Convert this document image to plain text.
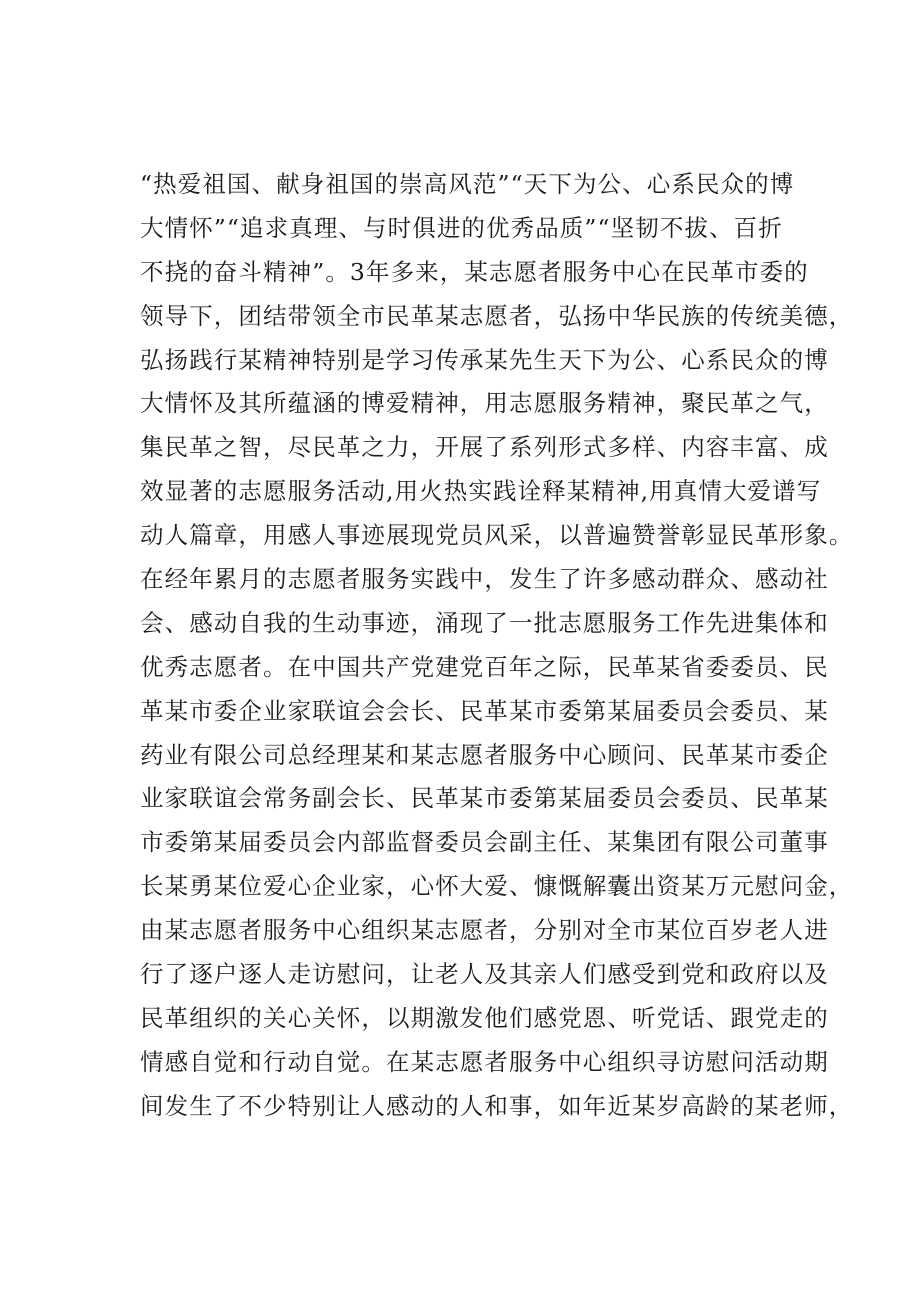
“热爱祖国、献身祖国的崇高风范”“天下为公、心系民众的博
大情怀”“追求真理、与时俱进的优秀品质”“坚韧不拔、百折
不挠的奋斗精神”。3年多来，某志愿者服务中心在民革市委的
领导下，团结带领全市民革某志愿者，弘扬中华民族的传统美德，
弘扬践行某精神特别是学习传承某先生天下为公、心系民众的博
大情怀及其所蕴涵的博爱精神，用志愿服务精神，聚民革之气，
集民革之智，尽民革之力，开展了系列形式多样、内容丰富、成
效显著的志愿服务活动,用火热实践诠释某精神,用真情大爱谱写
动人篇章，用感人事迹展现党员风采，以普遍赞誉彰显民革形象。
在经年累月的志愿者服务实践中，发生了许多感动群众、感动社
会、感动自我的生动事迹，涌现了一批志愿服务工作先进集体和
优秀志愿者。在中国共产党建党百年之际，民革某省委委员、民
革某市委企业家联谊会会长、民革某市委第某届委员会委员、某
药业有限公司总经理某和某志愿者服务中心顾问、民革某市委企
业家联谊会常务副会长、民革某市委第某届委员会委员、民革某
市委第某届委员会内部监督委员会副主任、某集团有限公司董事
长某勇某位爱心企业家，心怀大爱、慷慨解囊出资某万元慰问金，
由某志愿者服务中心组织某志愿者，分别对全市某位百岁老人进
行了逐户逐人走访慰问，让老人及其亲人们感受到党和政府以及
民革组织的关心关怀，以期激发他们感党恩、听党话、跟党走的
情感自觉和行动自觉。在某志愿者服务中心组织寻访慰问活动期
间发生了不少特别让人感动的人和事，如年近某岁高龄的某老师，
